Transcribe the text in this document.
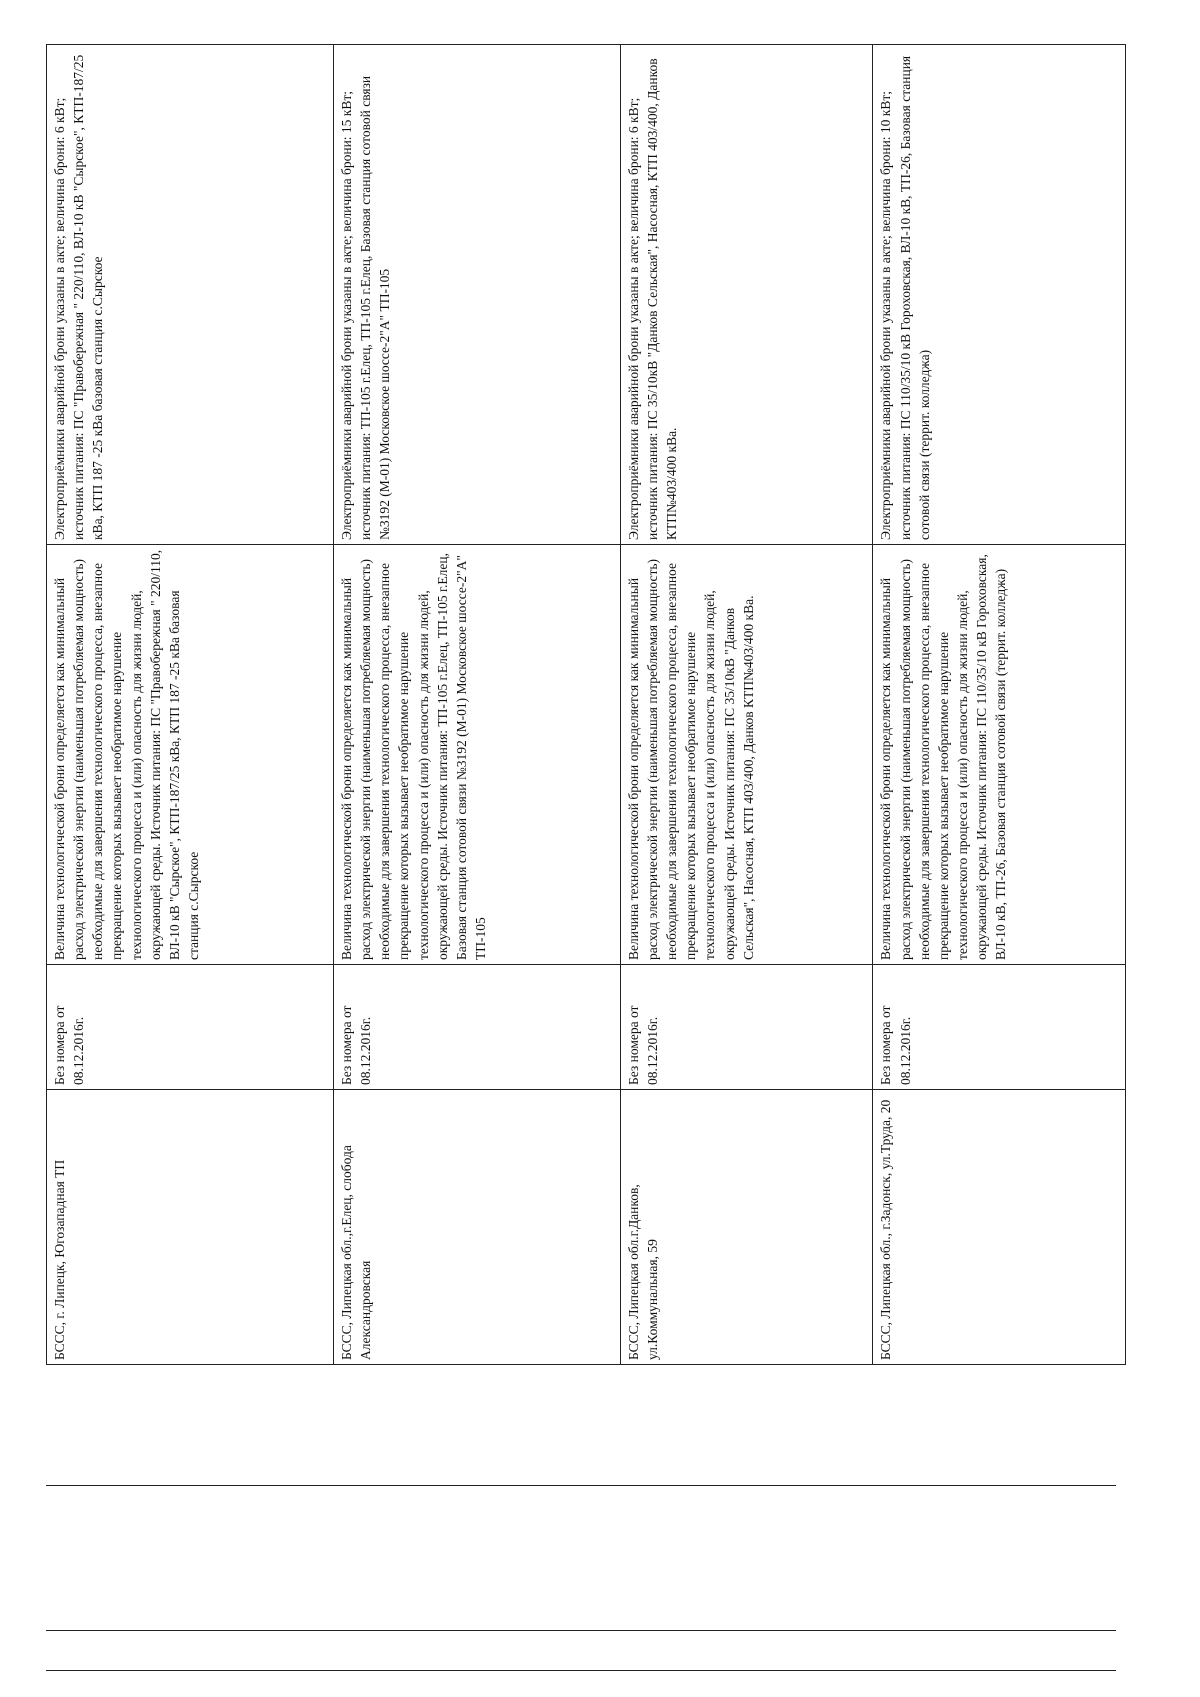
БССС, г. Липецк, Югозападная ТП	Без номера от 08.12.2016г.	Величина технологической брони определяется как минимальный расход электрической энергии (наименьшая потребляемая мощность) необходимые для завершения технологического процесса, внезапное прекращение которых вызывает необратимое нарушение технологического процесса и (или) опасность для жизни людей, окружающей среды. Источник питания: ПС "Правобережная " 220/110, ВЛ-10 кВ "Сырское", КТП-187/25 кВа, КТП 187 -25 кВа базовая станция с.Сырское	Электроприёмники аварийной брони указаны в акте; величина брони: 6 кВт; источник питания: ПС "Правобережная " 220/110, ВЛ-10 кВ "Сырское", КТП-187/25 кВа, КТП 187 -25 кВа базовая станция с.Сырское
БССС, Липецкая обл.,г.Елец, слобода Александровская	Без номера от 08.12.2016г.	Величина технологической брони определяется как минимальный расход электрической энергии (наименьшая потребляемая мощность) необходимые для завершения технологического процесса, внезапное прекращение которых вызывает необратимое нарушение технологического процесса и (или) опасность для жизни людей, окружающей среды. Источник питания: ТП-105 г.Елец, ТП-105 г.Елец, Базовая станция сотовой связи №3192 (М-01) Московское шоссе-2"А" ТП-105	Электроприёмники аварийной брони указаны в акте; величина брони: 15 кВт; источник питания: ТП-105 г.Елец, ТП-105 г.Елец, Базовая станция сотовой связи №3192 (М-01) Московское шоссе-2"А" ТП-105
БССС, Липецкая обл.г.Данков, ул.Коммунальная, 59	Без номера от 08.12.2016г.	Величина технологической брони определяется как минимальный расход электрической энергии (наименьшая потребляемая мощность) необходимые для завершения технологического процесса, внезапное прекращение которых вызывает необратимое нарушение технологического процесса и (или) опасность для жизни людей, окружающей среды. Источник питания: ПС 35/10кВ "Данков Сельская", Насосная, КТП 403/400, Данков КТП№403/400 кВа.	Электроприёмники аварийной брони указаны в акте; величина брони: 6 кВт; источник питания: ПС 35/10кВ "Данков Сельская", Насосная, КТП 403/400, Данков КТП№403/400 кВа.
БССС, Липецкая обл., г.Задонск, ул.Труда, 20	Без номера от 08.12.2016г.	Величина технологической брони определяется как минимальный расход электрической энергии (наименьшая потребляемая мощность) необходимые для завершения технологического процесса, внезапное прекращение которых вызывает необратимое нарушение технологического процесса и (или) опасность для жизни людей, окружающей среды. Источник питания: ПС 110/35/10 кВ Гороховская, ВЛ-10 кВ, ТП-26, Базовая станция сотовой связи (террит. колледжа)	Электроприёмники аварийной брони указаны в акте; величина брони: 10 кВт; источник питания: ПС 110/35/10 кВ Гороховская, ВЛ-10 кВ, ТП-26, Базовая станция сотовой связи (террит. колледжа)
